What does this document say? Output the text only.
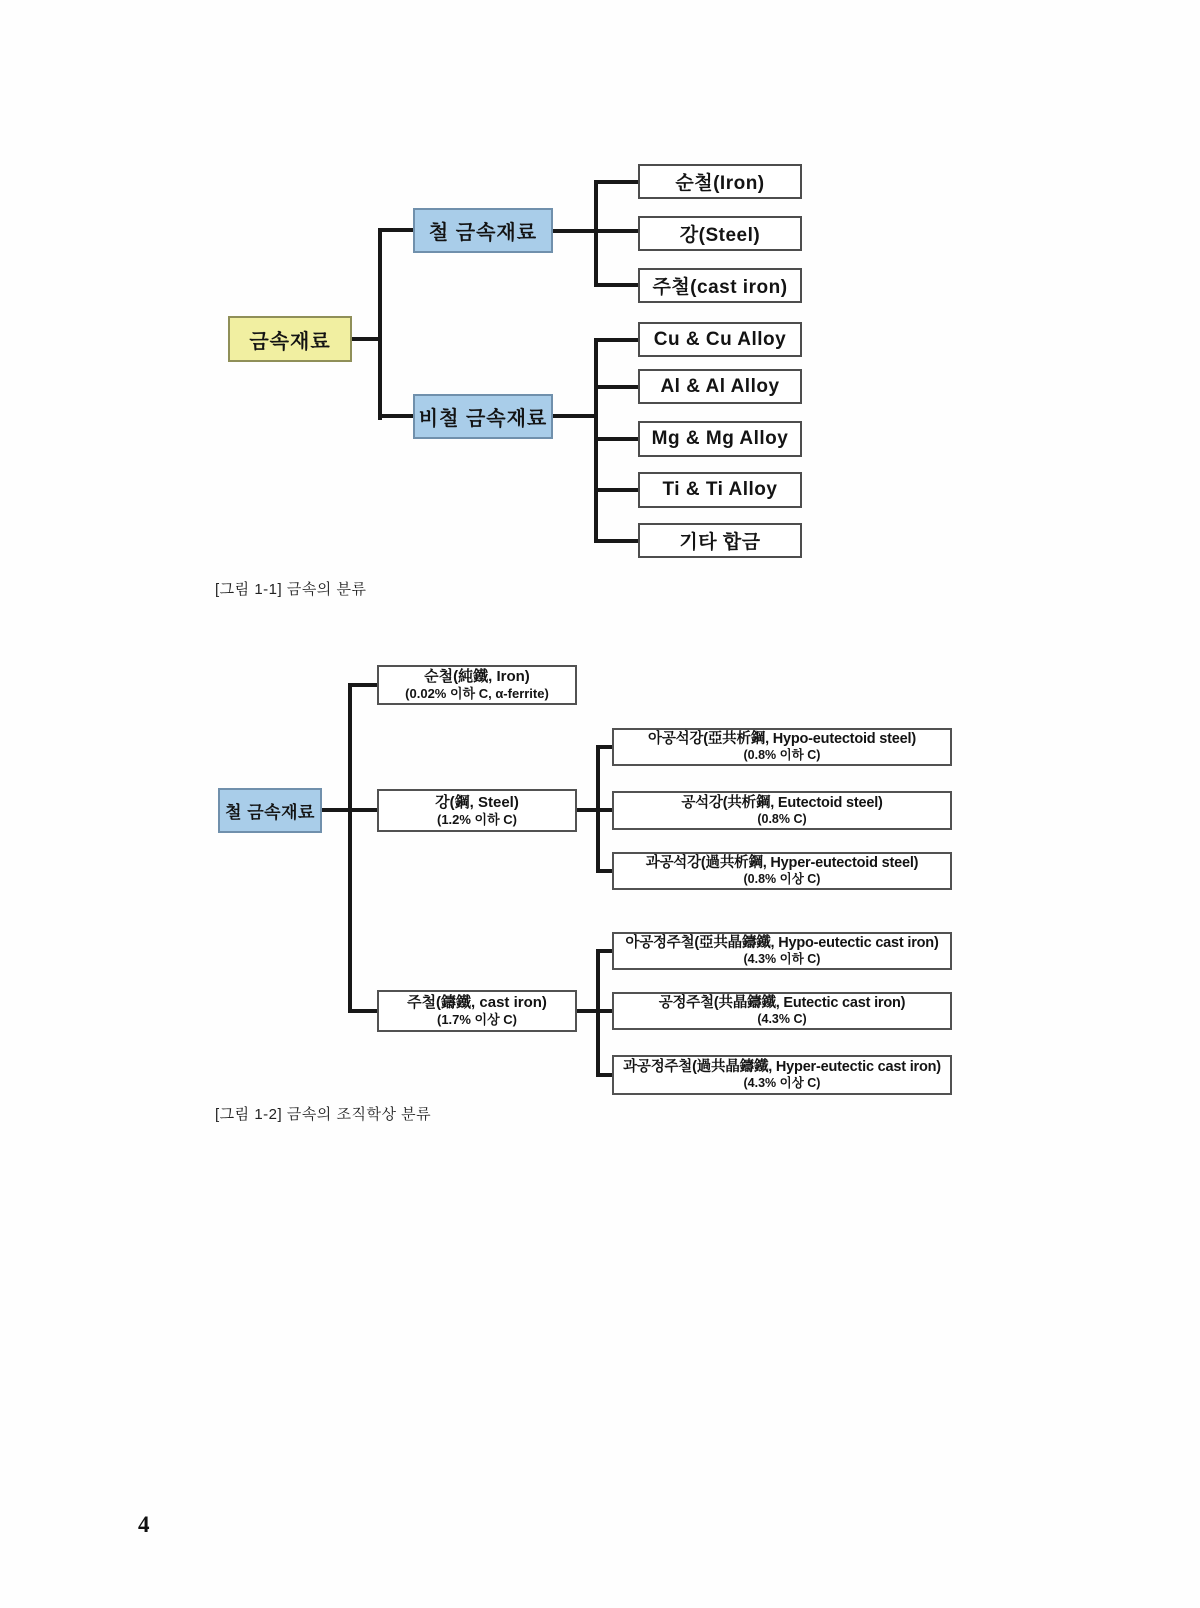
금속재료
철 금속재료
비철 금속재료
순철(Iron)
강(Steel)
주철(cast iron)
Cu & Cu Alloy
Al & Al Alloy
Mg & Mg Alloy
Ti & Ti Alloy
기타 합금
[그림 1-1] 금속의 분류
철 금속재료
순철(純鐵, Iron)
(0.02% 이하 C, α-ferrite)
강(鋼, Steel)
(1.2% 이하 C)
주철(鑄鐵, cast iron)
(1.7% 이상 C)
아공석강(亞共析鋼, Hypo-eutectoid steel)
(0.8% 이하 C)
공석강(共析鋼, Eutectoid steel)
(0.8% C)
과공석강(過共析鋼, Hyper-eutectoid steel)
(0.8% 이상 C)
아공정주철(亞共晶鑄鐵, Hypo-eutectic cast iron)
(4.3% 이하 C)
공정주철(共晶鑄鐵, Eutectic cast iron)
(4.3% C)
과공정주철(過共晶鑄鐵, Hyper-eutectic cast iron)
(4.3% 이상 C)
[그림 1-2] 금속의 조직학상 분류
4
